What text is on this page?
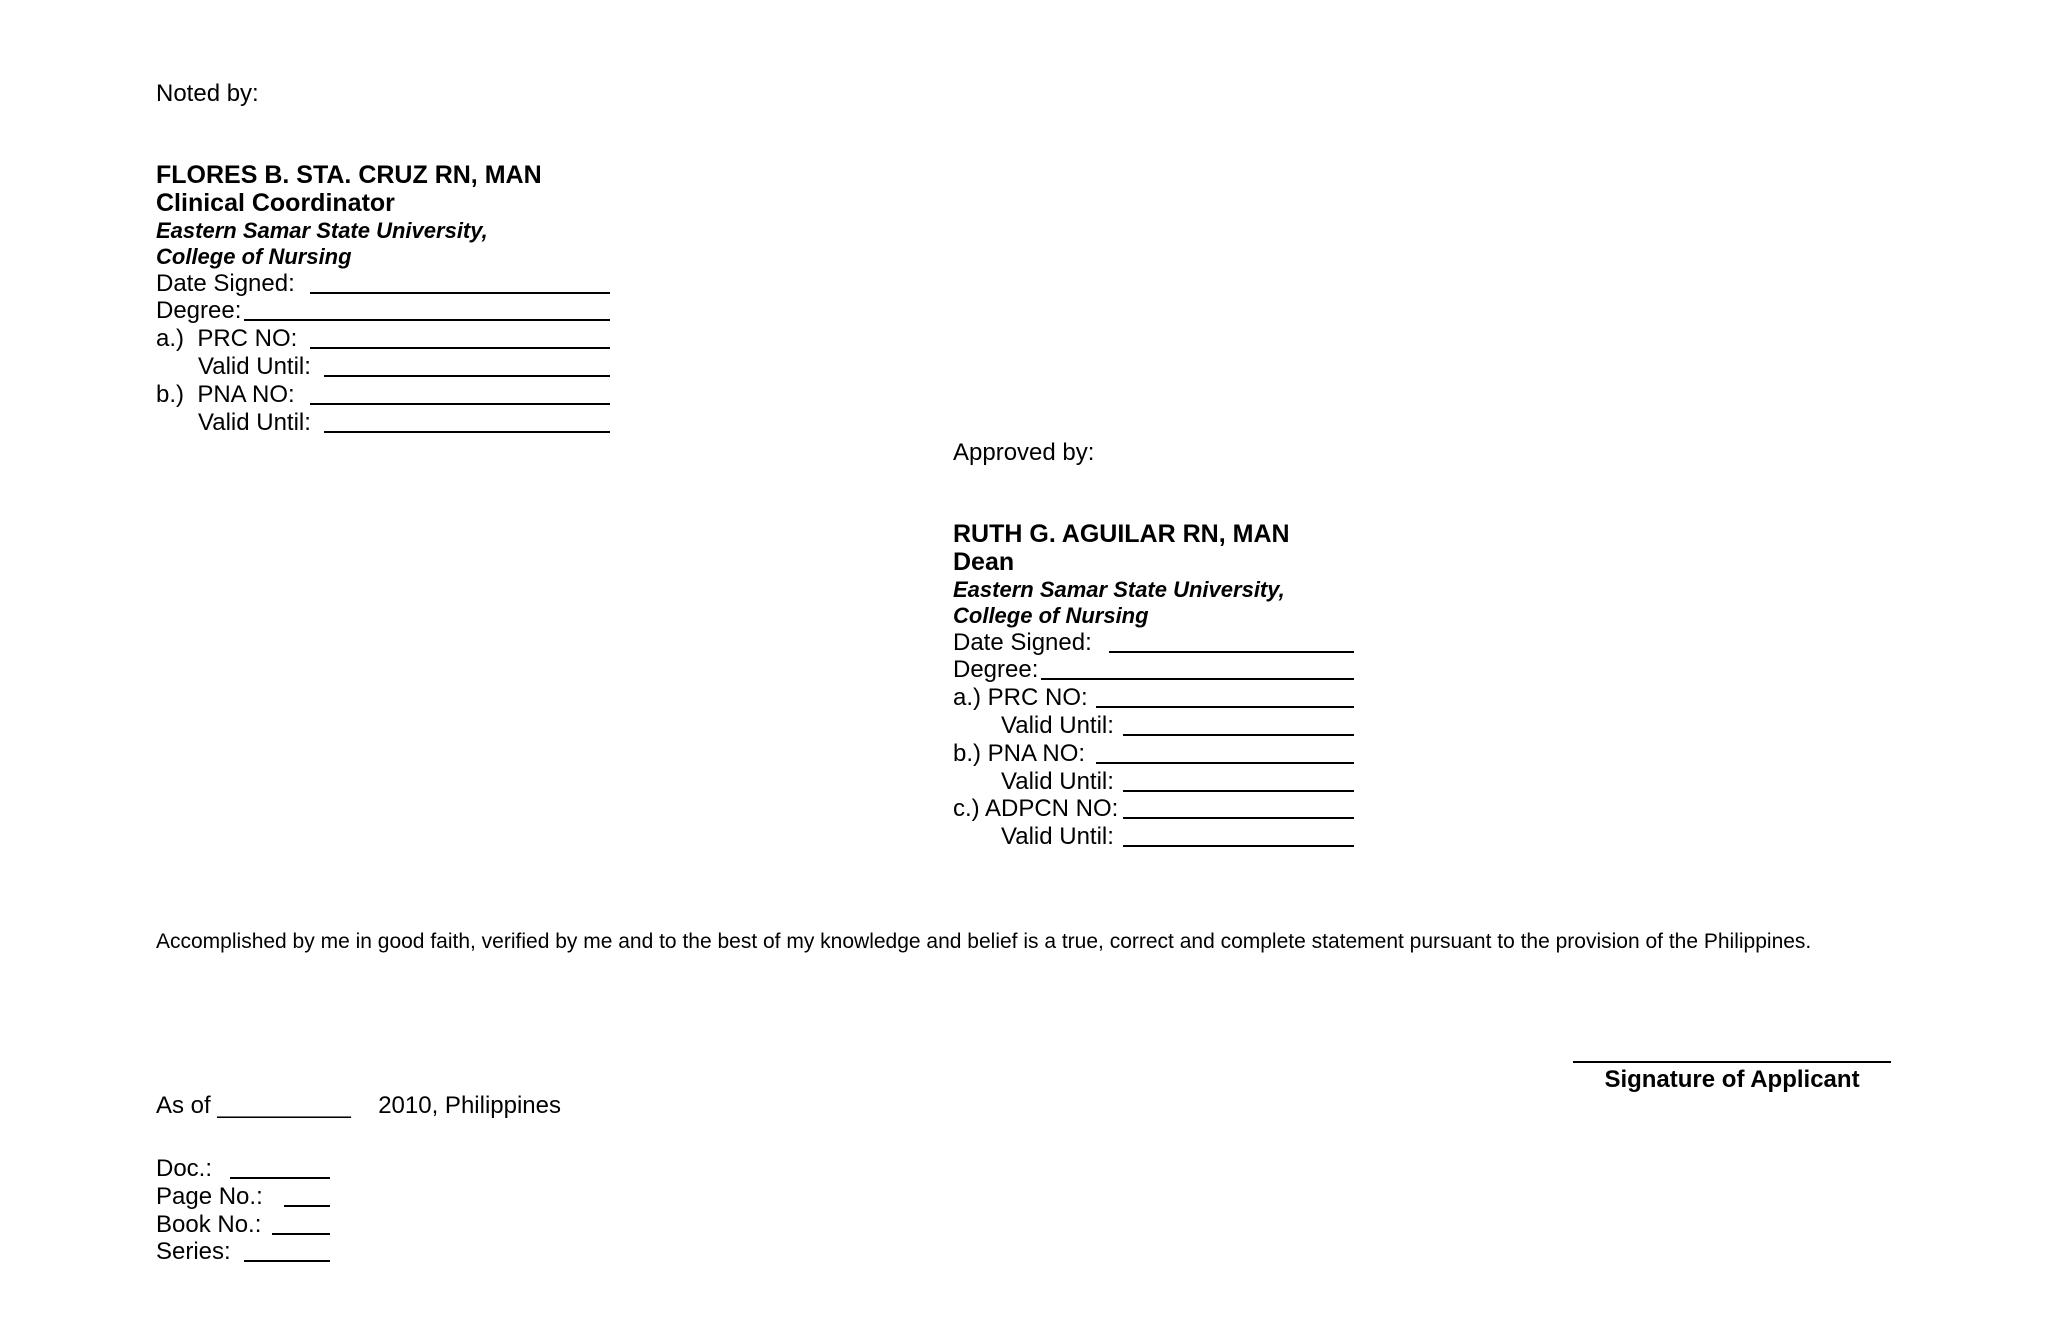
Noted by:
FLORES B. STA. CRUZ RN, MAN
Clinical Coordinator
Eastern Samar State University,
College of Nursing
Date Signed:
Degree:
a.)  PRC NO:
Valid Until:
b.)  PNA NO:
Valid Until:
Approved by:
RUTH G. AGUILAR RN, MAN
Dean
Eastern Samar State University,
College of Nursing
Date Signed:
Degree:
a.) PRC NO:
Valid Until:
b.) PNA NO:
Valid Until:
c.) ADPCN NO:
Valid Until:
Accomplished by me in good faith, verified by me and to the best of my knowledge and belief is a true, correct and complete statement pursuant to the provision of the Philippines.
Signature of Applicant
As of __________ 2010, Philippines
Doc.:
Page No.:
Book No.:
Series:
